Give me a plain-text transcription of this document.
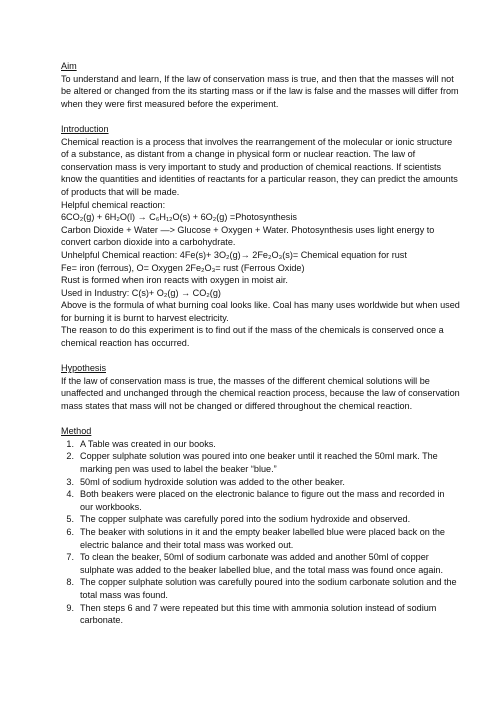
Aim

To understand and learn, If the law of conservation mass is true, and then that the masses will not be altered or changed from the its starting mass or if the law is false and the masses will differ from when they were first measured before the experiment.

Introduction

Chemical reaction is a process that involves the rearrangement of the molecular or ionic structure of a substance, as distant from a change in physical form or nuclear reaction. The law of conservation mass is very important to study and production of chemical reactions. If scientists know the quantities and identities of reactants for a particular reason, they can predict the amounts of products that will be made.

Helpful chemical reaction:

6CO₂(g) + 6H₂O(l) → C₆H₁₂O(s) + 6O₂(g) =Photosynthesis

Carbon Dioxide + Water —> Glucose + Oxygen + Water. Photosynthesis uses light energy to convert carbon dioxide into a carbohydrate.

Unhelpful Chemical reaction: 4Fe(s)+ 3O₂(g)→ 2Fe₂O₃(s)= Chemical equation for rust

Fe= iron (ferrous), O= Oxygen 2Fe₂O₃= rust (Ferrous Oxide)

Rust is formed when iron reacts with oxygen in moist air.

Used in Industry: C(s)+ O₂(g) → CO₂(g)

Above is the formula of what burning coal looks like. Coal has many uses worldwide but when used for burning it is burnt to harvest electricity.

The reason to do this experiment is to find out if the mass of the chemicals is conserved once a chemical reaction has occurred.

Hypothesis

If the law of conservation mass is true, the masses of the different chemical solutions will be unaffected and unchanged through the chemical reaction process, because the law of conservation mass states that mass will not be changed or differed throughout the chemical reaction.

Method

1. A Table was created in our books.
2. Copper sulphate solution was poured into one beaker until it reached the 50ml mark. The marking pen was used to label the beaker “blue.”
3. 50ml of sodium hydroxide solution was added to the other beaker.
4. Both beakers were placed on the electronic balance to figure out the mass and recorded in our workbooks.
5. The copper sulphate was carefully pored into the sodium hydroxide and observed.
6. The beaker with solutions in it and the empty beaker labelled blue were placed back on the electric balance and their total mass was worked out.
7. To clean the beaker, 50ml of sodium carbonate was added and another 50ml of copper sulphate was added to the beaker labelled blue, and the total mass was found once again.
8. The copper sulphate solution was carefully poured into the sodium carbonate solution and the total mass was found.
9. Then steps 6 and 7 were repeated but this time with ammonia solution instead of sodium carbonate.
